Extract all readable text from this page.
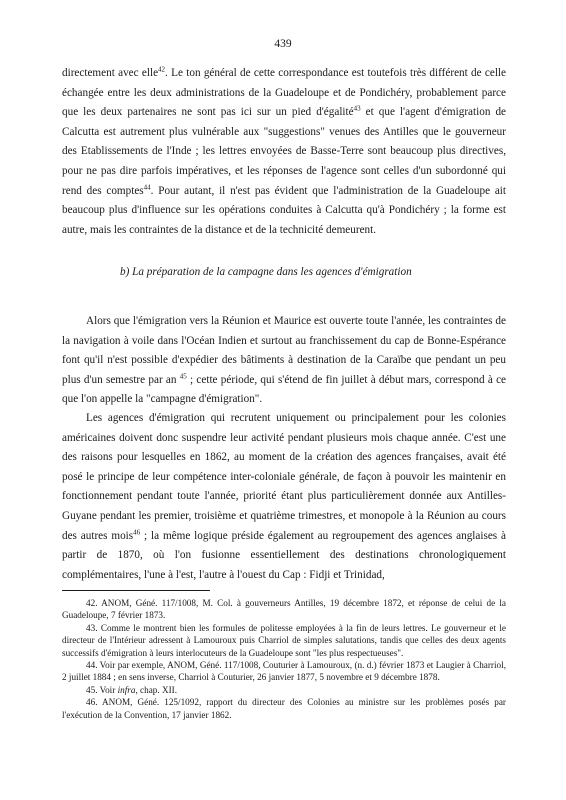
439

directement avec elle$^{42}$. Le ton général de cette correspondance est toutefois très différent de celle échangée entre les deux administrations de la Guadeloupe et de Pondichéry, probablement parce que les deux partenaires ne sont pas ici sur un pied d'égalité$^{43}$ et que l'agent d'émigration de Calcutta est autrement plus vulnérable aux "suggestions" venues des Antilles que le gouverneur des Etablissements de l'Inde ; les lettres envoyées de Basse-Terre sont beaucoup plus directives, pour ne pas dire parfois impératives, et les réponses de l'agence sont celles d'un subordonné qui rend des comptes$^{44}$. Pour autant, il n'est pas évident que l'administration de la Guadeloupe ait beaucoup plus d'influence sur les opérations conduites à Calcutta qu'à Pondichéry ; la forme est autre, mais les contraintes de la distance et de la technicité demeurent.

b) La préparation de la campagne dans les agences d'émigration

Alors que l'émigration vers la Réunion et Maurice est ouverte toute l'année, les contraintes de la navigation à voile dans l'Océan Indien et surtout au franchissement du cap de Bonne-Espérance font qu'il n'est possible d'expédier des bâtiments à destination de la Caraïbe que pendant un peu plus d'un semestre par an $^{45}$ ; cette période, qui s'étend de fin juillet à début mars, correspond à ce que l'on appelle la "campagne d'émigration".

Les agences d'émigration qui recrutent uniquement ou principalement pour les colonies américaines doivent donc suspendre leur activité pendant plusieurs mois chaque année. C'est une des raisons pour lesquelles en 1862, au moment de la création des agences françaises, avait été posé le principe de leur compétence inter-coloniale générale, de façon à pouvoir les maintenir en fonctionnement pendant toute l'année, priorité étant plus particulièrement donnée aux Antilles-Guyane pendant les premier, troisième et quatrième trimestres, et monopole à la Réunion au cours des autres mois$^{46}$ ; la même logique préside également au regroupement des agences anglaises à partir de 1870, où l'on fusionne essentiellement des destinations chronologiquement complémentaires, l'une à l'est, l'autre à l'ouest du Cap : Fidji et Trinidad,

42. ANOM, Géné. 117/1008, M. Col. à gouverneurs Antilles, 19 décembre 1872, et réponse de celui de la Guadeloupe, 7 février 1873.

43. Comme le montrent bien les formules de politesse employées à la fin de leurs lettres. Le gouverneur et le directeur de l'Intérieur adressent à Lamouroux puis Charriol de simples salutations, tandis que celles des deux agents successifs d'émigration à leurs interlocuteurs de la Guadeloupe sont "les plus respectueuses".

44. Voir par exemple, ANOM, Géné. 117/1008, Couturier à Lamouroux, (n. d.) février 1873 et Laugier à Charriol, 2 juillet 1884 ; en sens inverse, Charriol à Couturier, 26 janvier 1877, 5 novembre et 9 décembre 1878.

45. Voir infra, chap. XII.

46. ANOM, Géné. 125/1092, rapport du directeur des Colonies au ministre sur les problèmes posés par l'exécution de la Convention, 17 janvier 1862.
